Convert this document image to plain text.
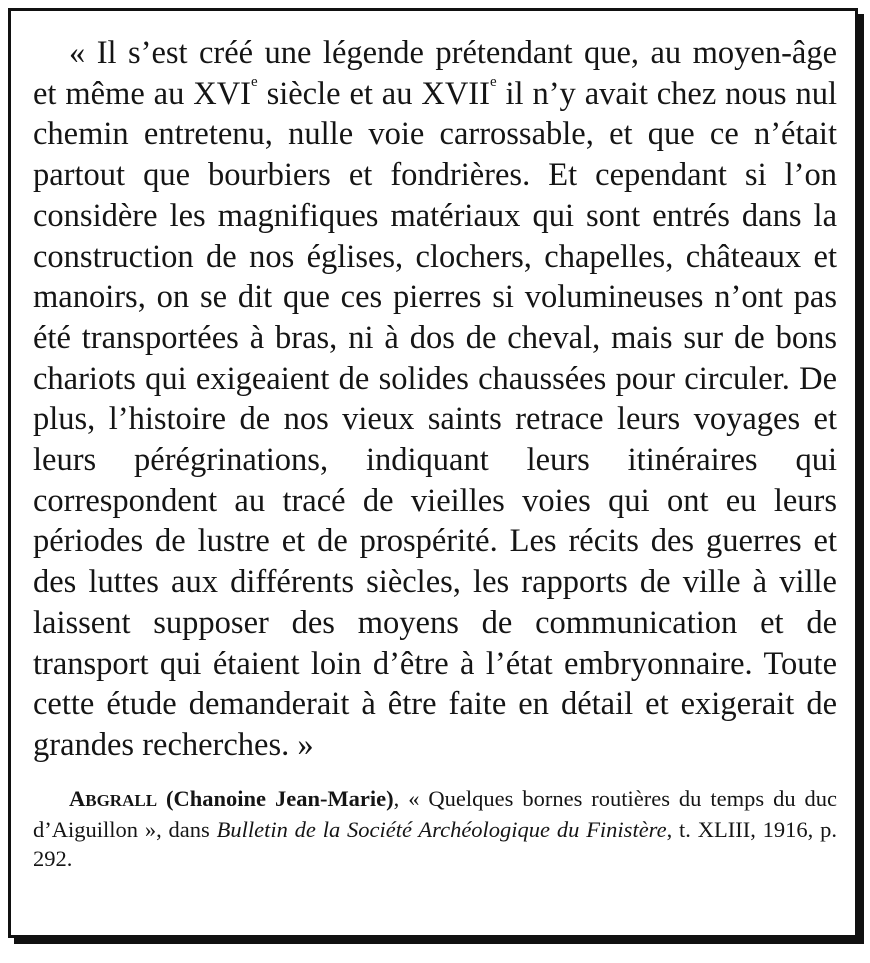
« Il s’est créé une légende prétendant que, au moyen-âge et même au XVIe siècle et au XVIIe il n’y avait chez nous nul chemin entretenu, nulle voie carrossable, et que ce n’était partout que bourbiers et fondrières. Et cependant si l’on considère les magnifiques matériaux qui sont entrés dans la construction de nos églises, clochers, chapelles, châteaux et manoirs, on se dit que ces pierres si volumineuses n’ont pas été transportées à bras, ni à dos de cheval, mais sur de bons chariots qui exigeaient de solides chaussées pour circuler. De plus, l’histoire de nos vieux saints retrace leurs voyages et leurs pérégrinations, indiquant leurs itinéraires qui correspondent au tracé de vieilles voies qui ont eu leurs périodes de lustre et de prospérité. Les récits des guerres et des luttes aux différents siècles, les rapports de ville à ville laissent supposer des moyens de communication et de transport qui étaient loin d’être à l’état embryonnaire. Toute cette étude demanderait à être faite en détail et exigerait de grandes recherches. »

ABGRALL (Chanoine Jean-Marie), « Quelques bornes routières du temps du duc d’Aiguillon », dans Bulletin de la Société Archéologique du Finistère, t. XLIII, 1916, p. 292.
